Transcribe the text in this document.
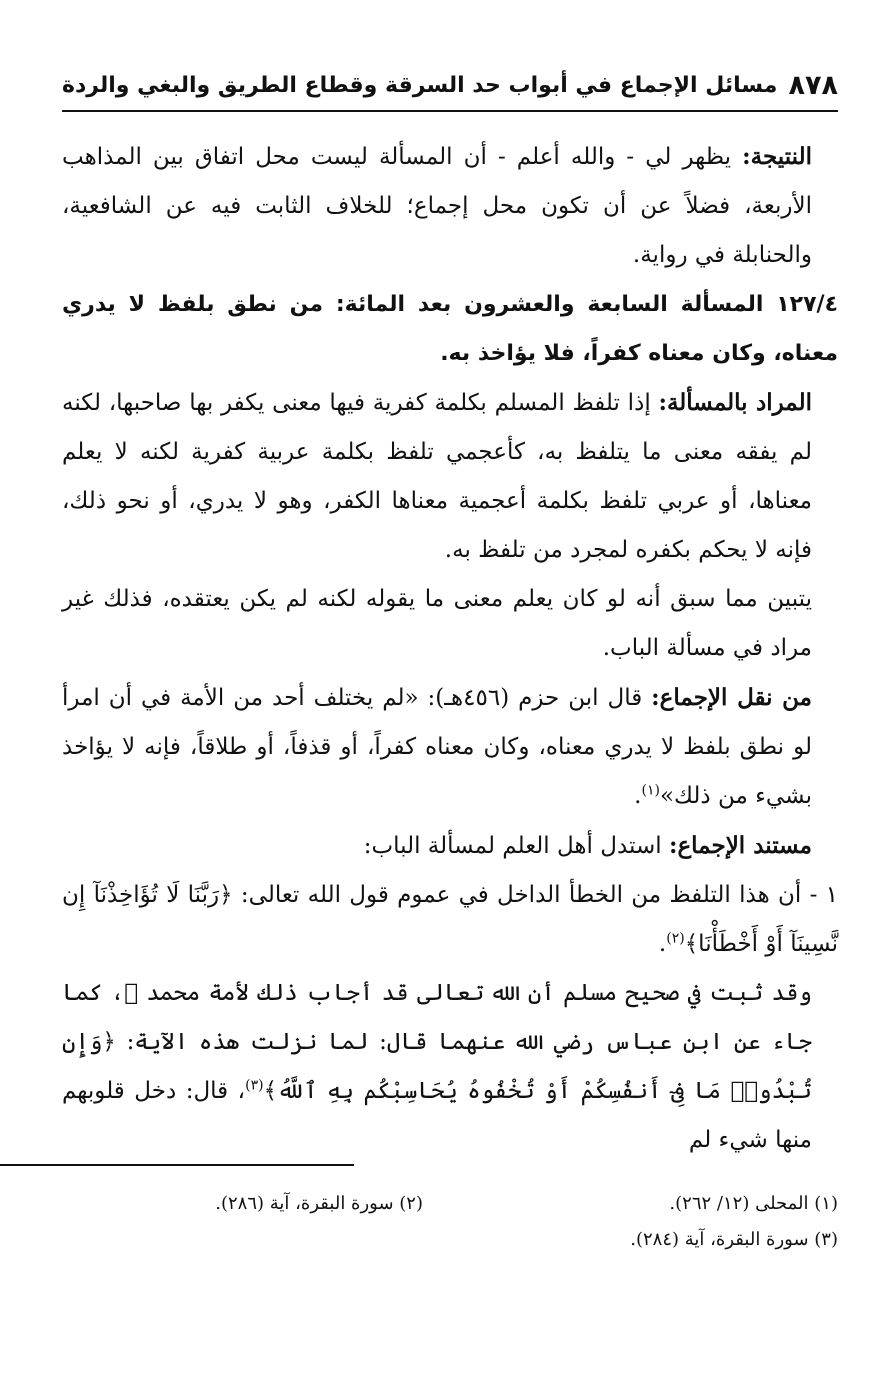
٨٧٨
مسائل الإجماع في أبواب حد السرقة وقطاع الطريق والبغي والردة

النتيجة: يظهر لي - والله أعلم - أن المسألة ليست محل اتفاق بين المذاهب الأربعة، فضلاً عن أن تكون محل إجماع؛ للخلاف الثابت فيه عن الشافعية، والحنابلة في رواية.

١٢٧/٤ المسألة السابعة والعشرون بعد المائة: من نطق بلفظ لا يدري معناه، وكان معناه كفراً، فلا يؤاخذ به.

المراد بالمسألة: إذا تلفظ المسلم بكلمة كفرية فيها معنى يكفر بها صاحبها، لكنه لم يفقه معنى ما يتلفظ به، كأعجمي تلفظ بكلمة عربية كفرية لكنه لا يعلم معناها، أو عربي تلفظ بكلمة أعجمية معناها الكفر، وهو لا يدري، أو نحو ذلك، فإنه لا يحكم بكفره لمجرد من تلفظ به.

يتبين مما سبق أنه لو كان يعلم معنى ما يقوله لكنه لم يكن يعتقده، فذلك غير مراد في مسألة الباب.

من نقل الإجماع: قال ابن حزم (٤٥٦هـ): «لم يختلف أحد من الأمة في أن امرأ لو نطق بلفظ لا يدري معناه، وكان معناه كفراً، أو قذفاً، أو طلاقاً، فإنه لا يؤاخذ بشيء من ذلك»$^{(١)}$.

مستند الإجماع: استدل أهل العلم لمسألة الباب:

١ - أن هذا التلفظ من الخطأ الداخل في عموم قول الله تعالى: ﴿رَبَّنَا لَا تُؤَاخِذْنَآ إِن نَّسِينَآ أَوْ أَخْطَأْنَا﴾$^{(٢)}$.

وقد ثبت في صحيح مسلم أن الله تعالى قد أجاب ذلك لأمة محمد ﷺ، كما جاء عن ابن عباس رضي الله عنهما قال: لما نزلت هذه الآية: ﴿وَإِن تُبْدُوا۟ مَا فِىٓ أَنفُسِكُمْ أَوْ تُخْفُوهُ يُحَاسِبْكُم بِهِ ٱللَّهُ﴾$^{(٣)}$، قال: دخل قلوبهم منها شيء لم

(١) المحلى (١٢/ ٢٦٢).
(٢) سورة البقرة، آية (٢٨٦).
(٣) سورة البقرة، آية (٢٨٤).
